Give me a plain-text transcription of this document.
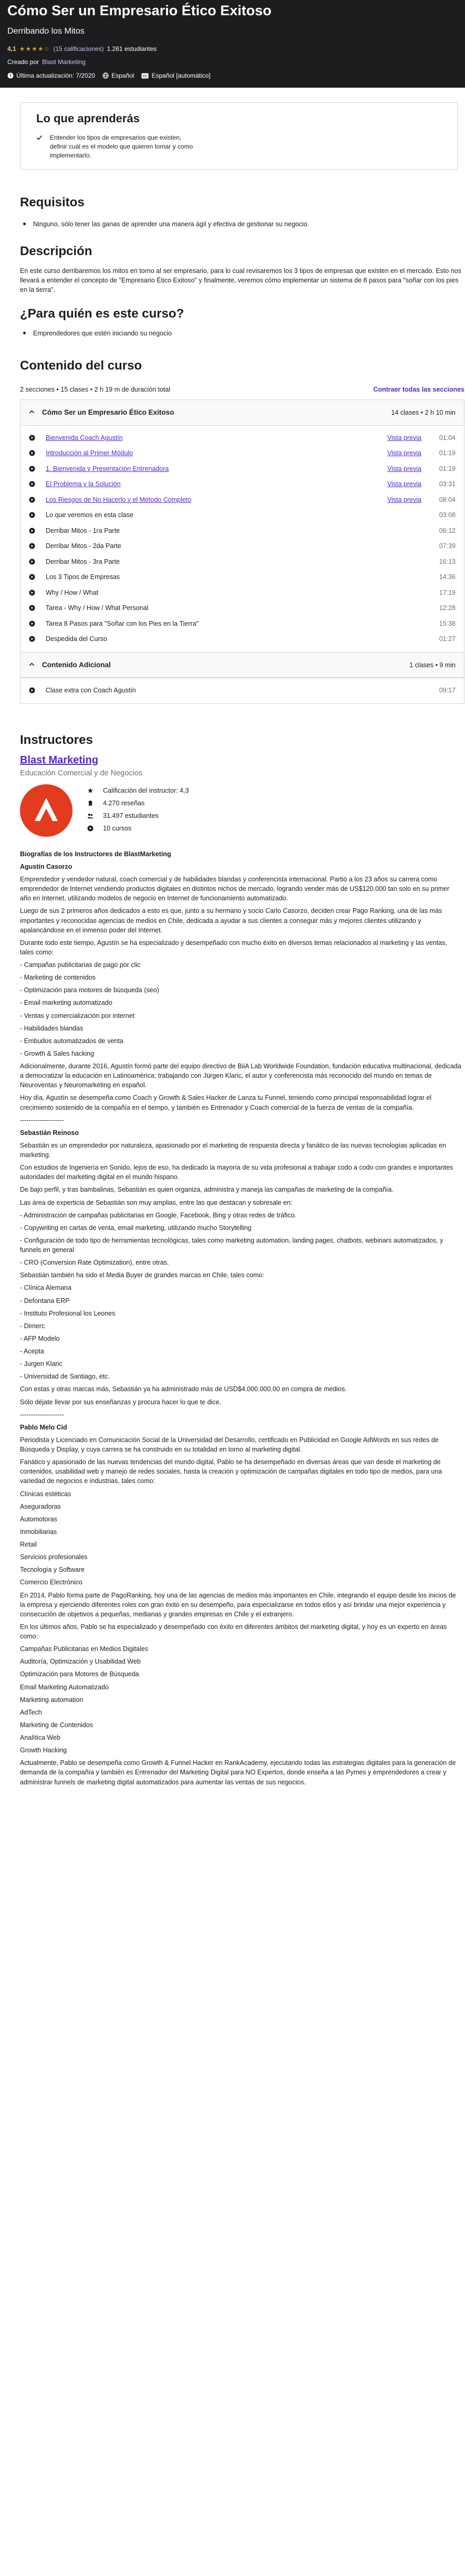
Cómo Ser un Empresario Ético Exitoso
Derribando los Mitos
4,1 ★★★★☆ (15 calificaciones) 1.261 estudiantes
Creado por Blast Marketing
Última actualización: 7/2020	Español	CC Español [automático]
Lo que aprenderás
Entender los tipos de empresarios que existen, definir cuál es el modelo que quieren tomar y como implementarlo.
Requisitos
Ninguno, sólo tener las ganas de aprender una manera ágil y efectiva de gestionar su negocio.
Descripción

En este curso derribaremos los mitos en torno al ser empresario, para lo cual revisaremos los 3 tipos de empresas que existen en el mercado. Esto nos llevará a entender el concepto de "Empresario Ético Exitoso" y finalmente, veremos cómo implementar un sistema de 8 pasos para "soñar con los pies en la tierra".

¿Para quién es este curso?
Emprendedores que estén iniciando su negocio
Contenido del curso
2 secciones • 15 clases • 2 h 19 m de duración total	Contraer todas las secciones
Cómo Ser un Empresario Ético Exitoso	14 clases • 2 h 10 min
Bienvenida Coach Agustín	Vista previa	01:04
Introducción al Primer Módulo	Vista previa	01:19
1. Bienvenida y Presentación Entrenadora	Vista previa	01:19
El Problema y la Solución	Vista previa	03:31
Los Riesgos de No Hacerlo y el Método Completo	Vista previa	08:04
Lo que veremos en esta clase	03:08
Derribar Mitos - 1ra Parte	06:12
Derribar Mitos - 2da Parte	07:39
Derribar Mitos - 3ra Parte	16:13
Los 3 Tipos de Empresas	14:36
Why / How / What	17:19
Tarea - Why / How / What Personal	12:28
Tarea 8 Pasos para "Soñar con los Pies en la Tierra"	15:38
Despedida del Curso	01:27
Contenido Adicional	1 clases • 9 min
Clase extra con Coach Agustín	09:17
Instructores
Blast Marketing
Educación Comercial y de Negocios
Calificación del instructor: 4,3
4.270 reseñas
31.497 estudiantes
10 cursos

Biografías de los Instructores de BlastMarketing

Agustín Casorzo

Emprendedor y vendedor natural, coach comercial y de habilidades blandas y conferencista internacional. Partió a los 23 años su carrera como emprendedor de Internet vendiendo productos digitales en distintos nichos de mercado, logrando vender más de US$120.000 tan solo en su primer año en Internet, utilizando modelos de negocio en Internet de funcionamiento automatizado.

Luego de sus 2 primeros años dedicados a esto es que, junto a su hermano y socio Carlo Casorzo, deciden crear Pago Ranking, una de las más importantes y reconocidas agencias de medios en Chile, dedicada a ayudar a sus clientes a conseguir más y mejores clientes utilizando y apalancándose en el inmenso poder del Internet.

Durante todo este tiempo, Agustín se ha especializado y desempeñado con mucho éxito en diversos temas relacionados al marketing y las ventas, tales como:

- Campañas publicitarias de pago por clic

- Marketing de contenidos

- Optimización para motores de búsqueda (seo)

- Email marketing automatizado

- Ventas y comercialización por internet

- Habilidades blandas

- Embudos automatizados de venta

- Growth & Sales hacking

Adicionalmente, durante 2016, Agustín formó parte del equipo directivo de BiiA Lab Worldwide Foundation, fundación educativa multinacional, dedicada a democratizar la educación en Latinoamérica; trabajando con Jürgen Klaric, el autor y conferencista más reconocido del mundo en temas de Neuroventas y Neuromarketing en español.

Hoy día, Agustín se desempeña como Coach y Growth & Sales Hacker de Lanza tu Funnel, teniendo como principal responsabilidad lograr el crecimiento sostenido de la compañía en el tiempo, y también es Entrenador y Coach comercial de la fuerza de ventas de la compañía.

--------------------

Sebastián Reinoso

Sebastián es un emprendedor por naturaleza, apasionado por el marketing de respuesta directa y fanático de las nuevas tecnologías aplicadas en marketing.

Con estudios de Ingeniería en Sonido, lejos de eso, ha dedicado la mayoría de su vida profesional a trabajar codo a codo con grandes e importantes autoridades del marketing digital en el mundo hispano.

De bajo perfil, y tras bambalinas, Sebastián es quien organiza, administra y maneja las campañas de marketing de la compañía.

Las área de experticia de Sebastián son muy amplias, entre las que destacan y sobresale en:

- Administración de campañas publicitarias en Google, Facebook, Bing y otras redes de tráfico.

- Copywriting en cartas de venta, email marketing, utilizando mucho Storytelling

- Configuración de todo tipo de herramientas tecnológicas, tales como marketing automation, landing pages, chatbots, webinars automatizados, y funnels en general

- CRO (Conversion Rate Optimization), entre otras.

Sebastián también ha sido el Media Buyer de grandes marcas en Chile, tales como:

- Clínica Alemana

- Defontana ERP

- Instituto Profesional los Leones

- Dimerc

- AFP Modelo

- Acepta

- Jurgen Klaric

- Universidad de Santiago, etc.

Con estas y otras marcas más, Sebastián ya ha administrado más de USD$4.000.000.00 en compra de medios.

Sólo déjate llevar por sus enseñanzas y procura hacer lo que te dice.

--------------------

Pablo Melo Cid

Periodista y Licenciado en Comunicación Social de la Universidad del Desarrollo, certificado en Publicidad en Google AdWords en sus redes de Búsqueda y Display, y cuya carrera se ha construido en su totalidad en torno al marketing digital.

Fanático y apasionado de las nuevas tendencias del mundo digital, Pablo se ha desempeñado en diversas áreas que van desde el marketing de contenidos, usabilidad web y manejo de redes sociales, hasta la creación y optimización de campañas digitales en todo tipo de medios, para una variedad de negocios e industrias, tales como:

Clínicas estéticas

Aseguradoras

Automotoras

Inmobiliarias

Retail

Servicios profesionales

Tecnología y Software

Comercio Electrónico

En 2014, Pablo forma parte de PagoRanking, hoy una de las agencias de medios más importantes en Chile, integrando el equipo desde los inicios de la empresa y ejerciendo diferentes roles con gran éxito en su desempeño, para especializarse en todos ellos y así brindar una mejor experiencia y consecución de objetivos a pequeñas, medianas y grandes empresas en Chile y el extranjero.

En los últimos años, Pablo se ha especializado y desempeñado con éxito en diferentes ámbitos del marketing digital, y hoy es un experto en áreas como:

Campañas Publicitarias en Medios Digitales

Auditoría, Optimización y Usabilidad Web

Optimización para Motores de Búsqueda

Email Marketing Automatizado

Marketing automation

AdTech

Marketing de Contenidos

Analítica Web

Growth Hacking

Actualmente, Pablo se desempeña como Growth & Funnel Hacker en RankAcademy, ejecutando todas las estrategias digitales para la generación de demanda de la compañía y también es Entrenador del Marketing Digital para NO Expertos, donde enseña a las Pymes y emprendedores a crear y administrar funnels de marketing digital automatizados para aumentar las ventas de sus negocios.
